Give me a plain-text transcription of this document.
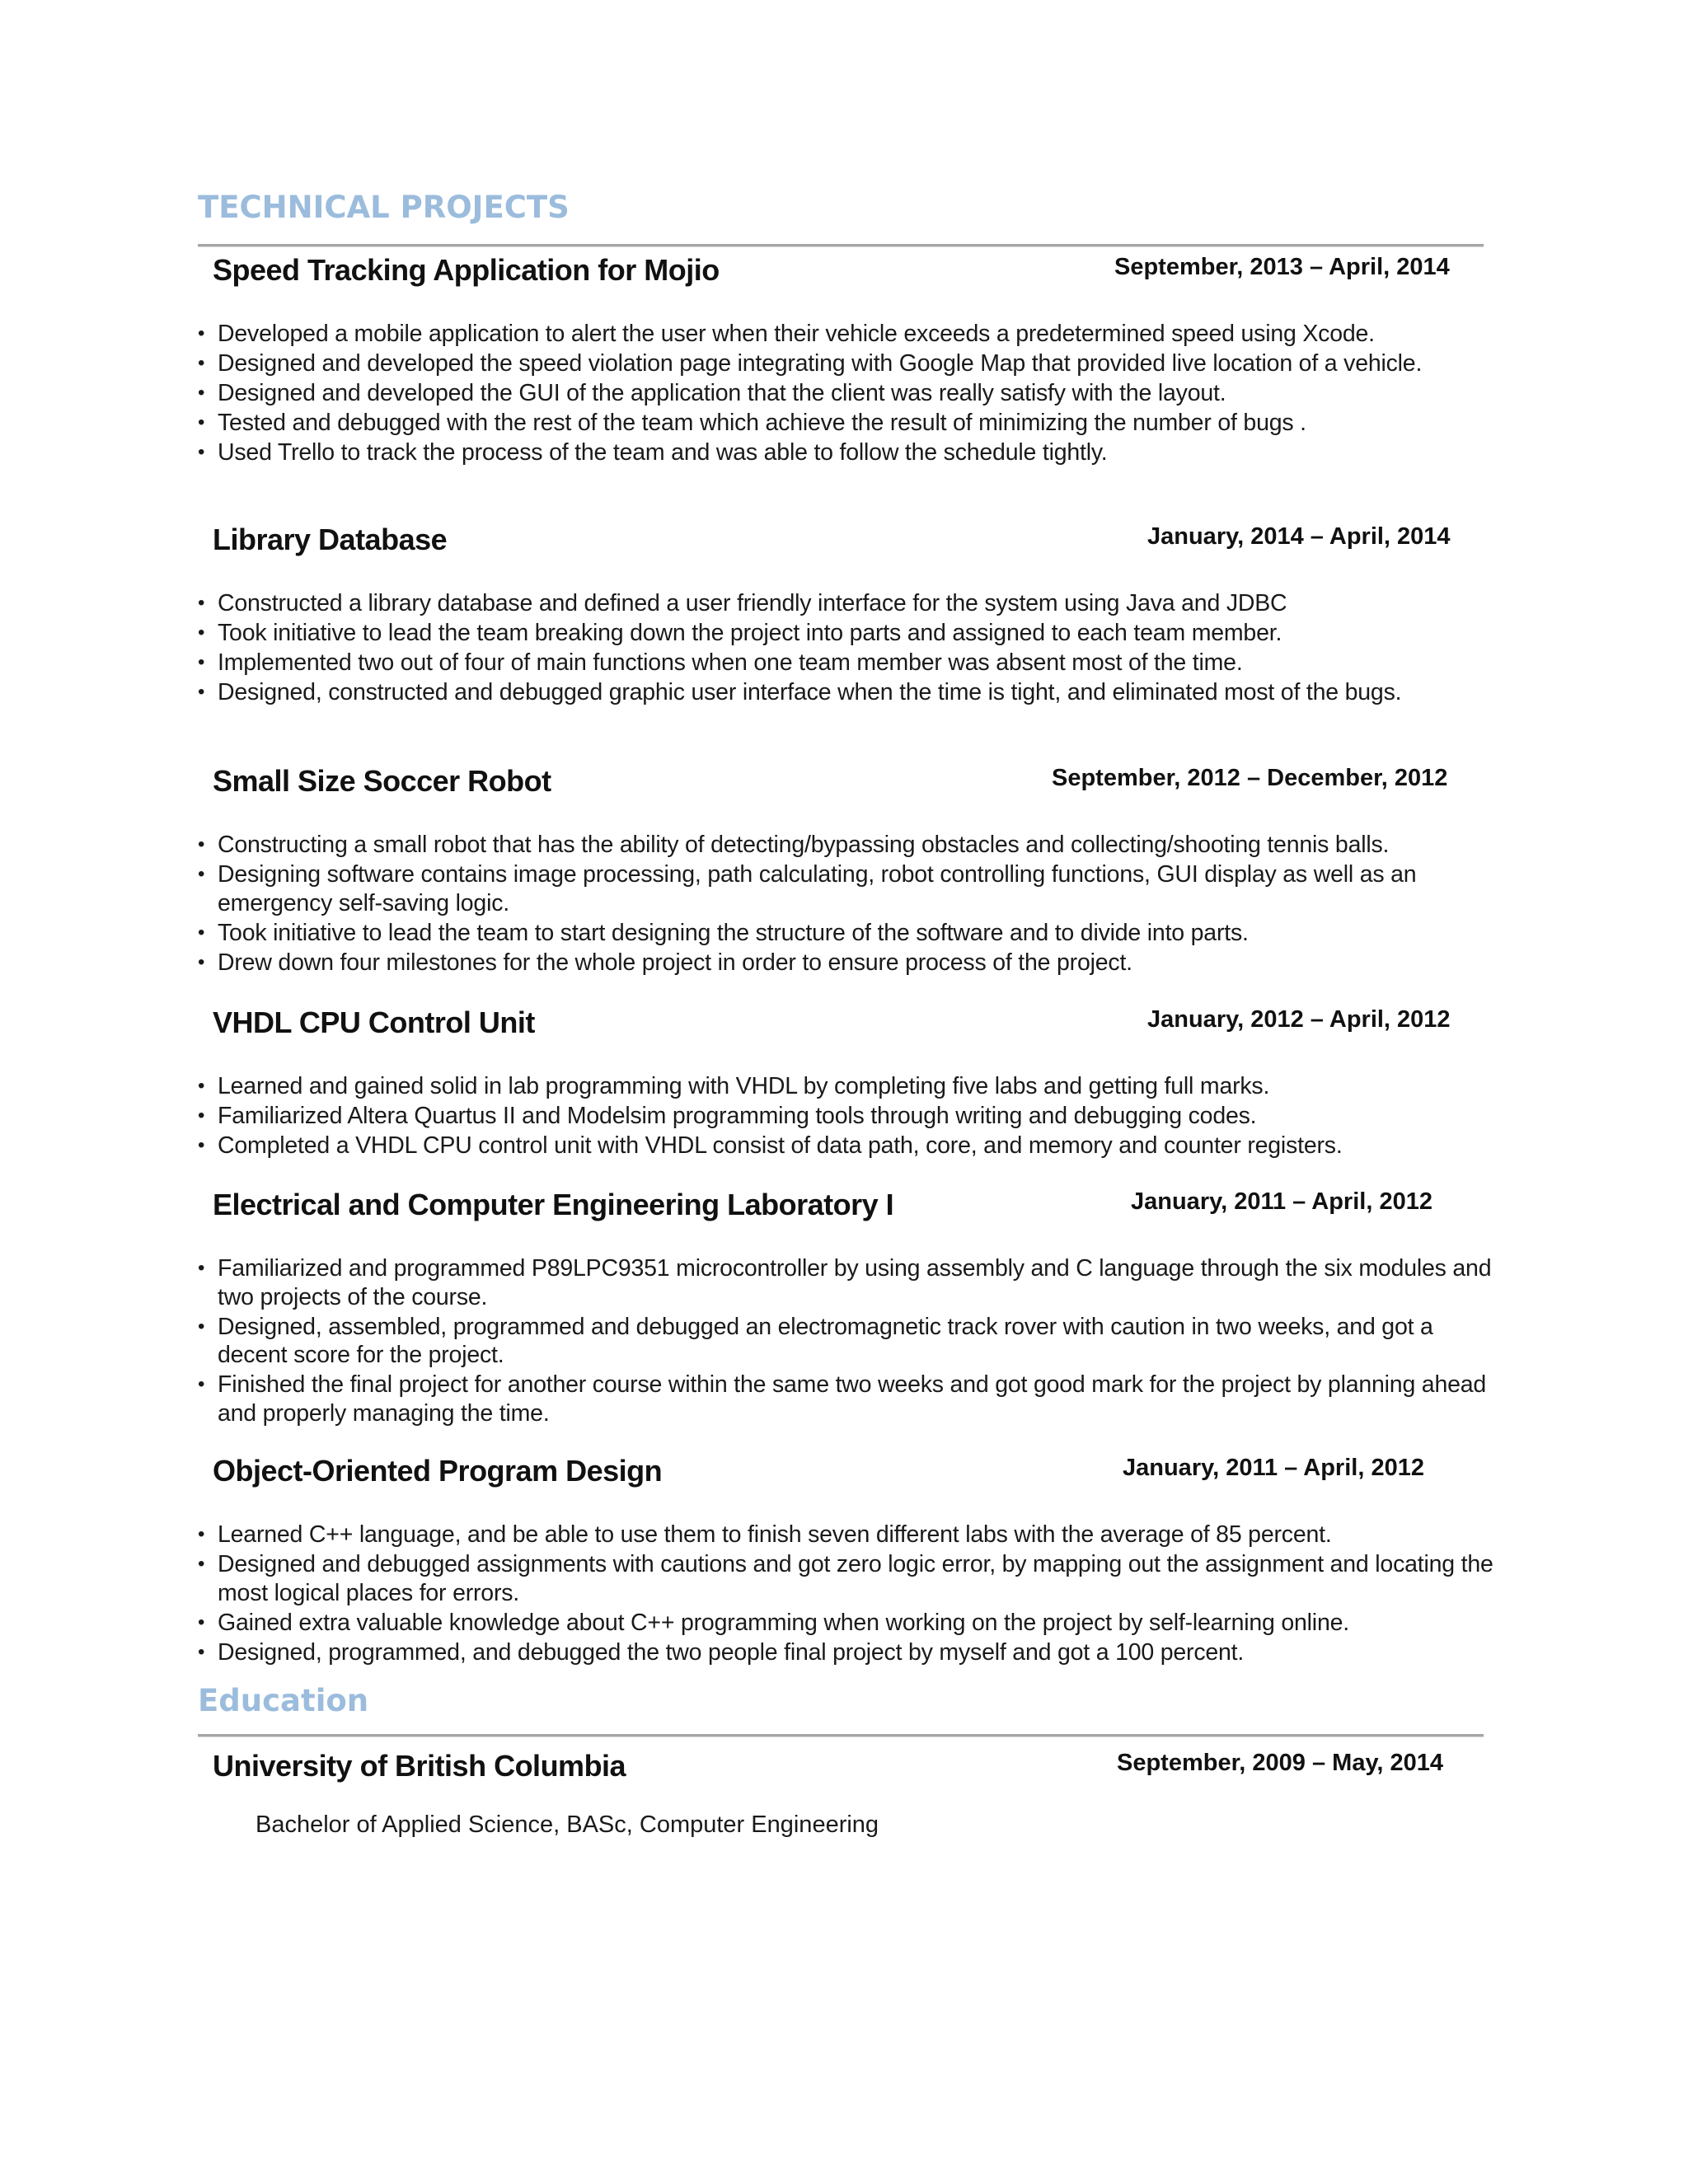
TECHNICAL PROJECTS
Speed Tracking Application for Mojio	September, 2013 – April, 2014
• Developed a mobile application to alert the user when their vehicle exceeds a predetermined speed using Xcode.
• Designed and developed the speed violation page integrating with Google Map that provided live location of a vehicle.
• Designed and developed the GUI of the application that the client was really satisfy with the layout.
• Tested and debugged with the rest of the team which achieve the result of minimizing the number of bugs .
• Used Trello to track the process of the team and was able to follow the schedule tightly.
Library Database	January, 2014 – April, 2014
• Constructed a library database and defined a user friendly interface for the system using Java and JDBC
• Took initiative to lead the team breaking down the project into parts and assigned to each team member.
• Implemented two out of four of main functions when one team member was absent most of the time.
• Designed, constructed and debugged graphic user interface when the time is tight, and eliminated most of the bugs.
Small Size Soccer Robot	September, 2012 – December, 2012
• Constructing a small robot that has the ability of detecting/bypassing obstacles and collecting/shooting tennis balls.
• Designing software contains image processing, path calculating, robot controlling functions, GUI display as well as an emergency self-saving logic.
• Took initiative to lead the team to start designing the structure of the software and to divide into parts.
• Drew down four milestones for the whole project in order to ensure process of the project.
VHDL CPU Control Unit	January, 2012 – April, 2012
• Learned and gained solid in lab programming with VHDL by completing five labs and getting full marks.
• Familiarized Altera Quartus II and Modelsim programming tools through writing and debugging codes.
• Completed a VHDL CPU control unit with VHDL consist of data path, core, and memory and counter registers.
Electrical and Computer Engineering Laboratory I	January, 2011 – April, 2012
• Familiarized and programmed P89LPC9351 microcontroller by using assembly and C language through the six modules and two projects of the course.
• Designed, assembled, programmed and debugged an electromagnetic track rover with caution in two weeks, and got a decent score for the project.
• Finished the final project for another course within the same two weeks and got good mark for the project by planning ahead and properly managing the time.
Object-Oriented Program Design	January, 2011 – April, 2012
• Learned C++ language, and be able to use them to finish seven different labs with the average of 85 percent.
• Designed and debugged assignments with cautions and got zero logic error, by mapping out the assignment and locating the most logical places for errors.
• Gained extra valuable knowledge about C++ programming when working on the project by self-learning online.
• Designed, programmed, and debugged the two people final project by myself and got a 100 percent.
Education
University of British Columbia	September, 2009 – May, 2014
Bachelor of Applied Science, BASc, Computer Engineering
